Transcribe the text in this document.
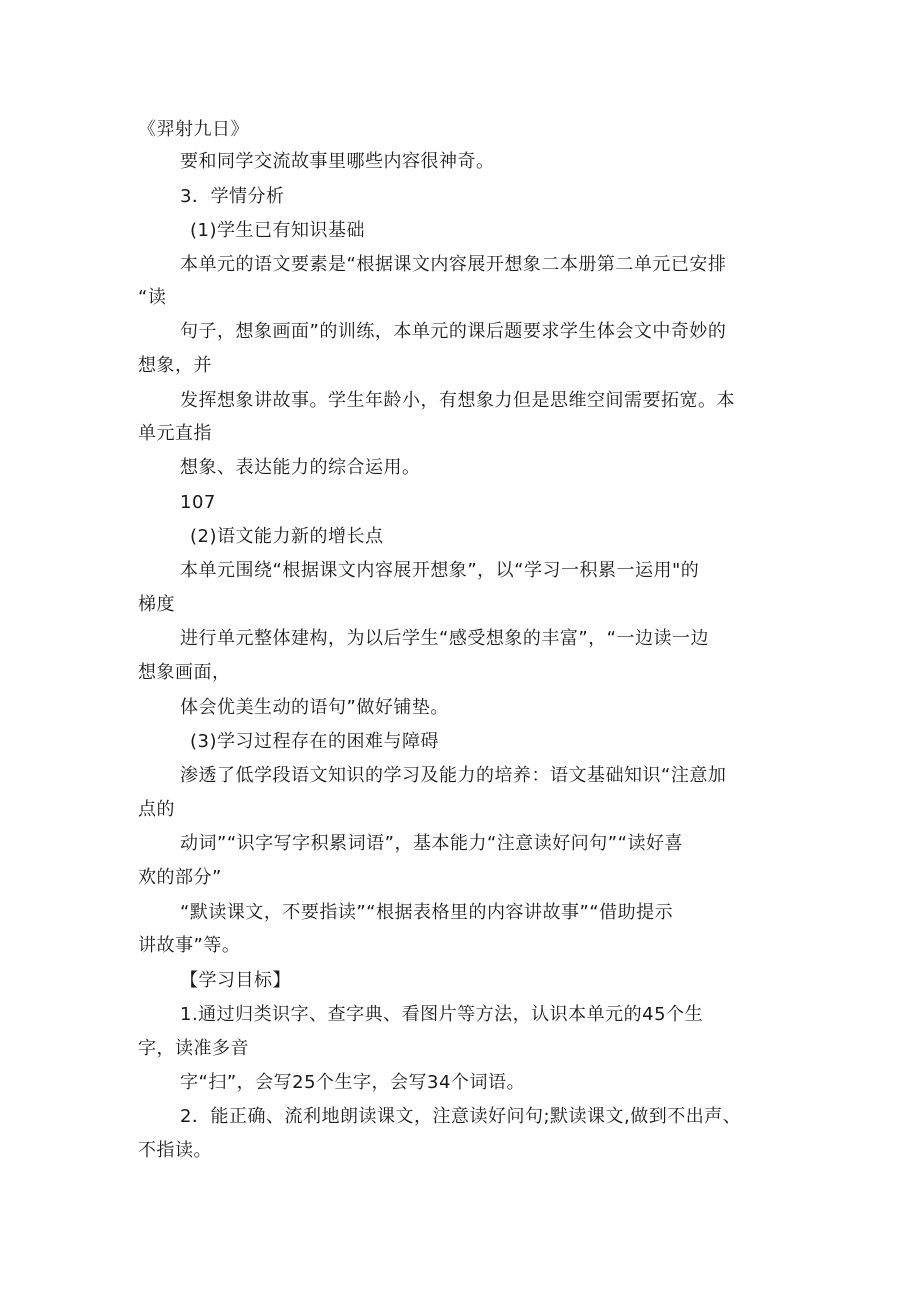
《羿射九日》
要和同学交流故事里哪些内容很神奇。
3．学情分析
(1)学生已有知识基础
本单元的语文要素是“根据课文内容展开想象二本册第二单元已安排
“读
句子，想象画面”的训练，本单元的课后题要求学生体会文中奇妙的
想象，并
发挥想象讲故事。学生年龄小，有想象力但是思维空间需要拓宽。本
单元直指
想象、表达能力的综合运用。
107
(2)语文能力新的增长点
本单元围绕“根据课文内容展开想象”，以“学习一积累一运用"的
梯度
进行单元整体建构，为以后学生“感受想象的丰富”，“一边读一边
想象画面，
体会优美生动的语句”做好铺垫。
(3)学习过程存在的困难与障碍
渗透了低学段语文知识的学习及能力的培养：语文基础知识“注意加
点的
动词”“识字写字积累词语”，基本能力“注意读好问句”“读好喜
欢的部分”
“默读课文，不要指读”“根据表格里的内容讲故事”“借助提示
讲故事”等。
【学习目标】
1.通过归类识字、查字典、看图片等方法，认识本单元的45个生
字，读准多音
字“扫”，会写25个生字，会写34个词语。
2．能正确、流利地朗读课文，注意读好问句;默读课文,做到不出声、
不指读。
